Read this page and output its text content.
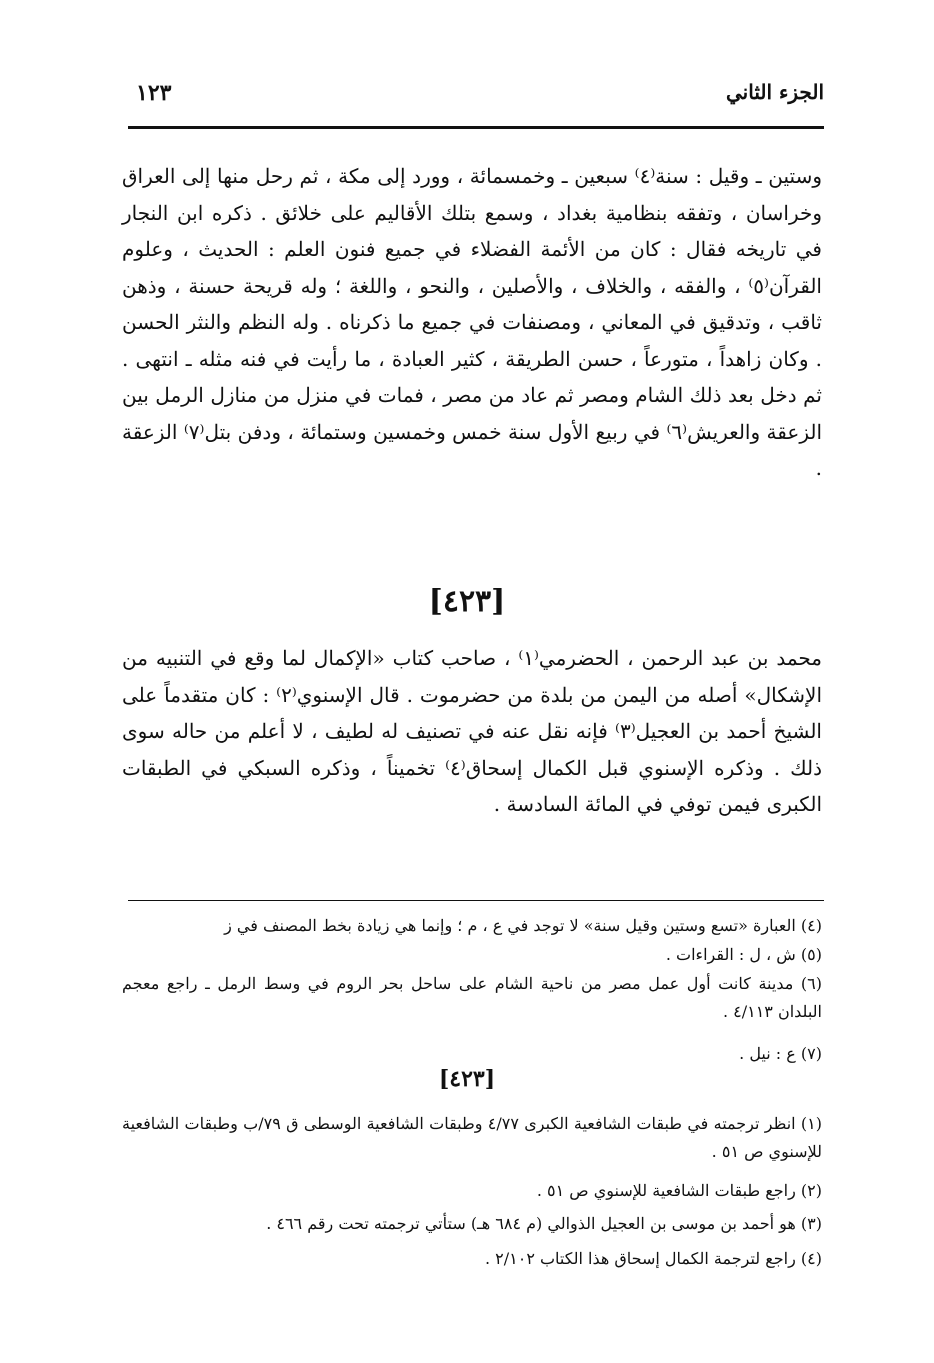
الجزء الثاني
١٢٣
وستين ـ وقيل : سنة⁽٤⁾ سبعين ـ وخمسمائة ، وورد إلى مكة ، ثم رحل منها إلى العراق وخراسان ، وتفقه بنظامية بغداد ، وسمع بتلك الأقاليم على خلائق . ذكره ابن النجار في تاريخه فقال : كان من الأئمة الفضلاء في جميع فنون العلم : الحديث ، وعلوم القرآن⁽٥⁾ ، والفقه ، والخلاف ، والأصلين ، والنحو ، واللغة ؛ وله قريحة حسنة ، وذهن ثاقب ، وتدقيق في المعاني ، ومصنفات في جميع ما ذكرناه . وله النظم والنثر الحسن . وكان زاهداً ، متورعاً ، حسن الطريقة ، كثير العبادة ، ما رأيت في فنه مثله ـ انتهى . ثم دخل بعد ذلك الشام ومصر ثم عاد من مصر ، فمات في منزل من منازل الرمل بين الزعقة والعريش⁽٦⁾ في ربيع الأول سنة خمس وخمسين وستمائة ، ودفن بتل⁽٧⁾ الزعقة .
[٤٢٣]
محمد بن عبد الرحمن ، الحضرمي⁽١⁾ ، صاحب كتاب «الإكمال لما وقع في التنبيه من الإشكال» أصله من اليمن من بلدة من حضرموت . قال الإسنوي⁽٢⁾ : كان متقدماً على الشيخ أحمد بن العجيل⁽٣⁾ فإنه نقل عنه في تصنيف له لطيف ، لا أعلم من حاله سوى ذلك . وذكره الإسنوي قبل الكمال إسحاق⁽٤⁾ تخميناً ، وذكره السبكي في الطبقات الكبرى فيمن توفي في المائة السادسة .
(٤) العبارة «تسع وستين وقيل سنة» لا توجد في ع ، م ؛ وإنما هي زيادة بخط المصنف في ز
(٥) ش ، ل : القراءات .
(٦) مدينة كانت أول عمل مصر من ناحية الشام على ساحل بحر الروم في وسط الرمل ـ راجع معجم البلدان ٤/١١٣ .
(٧) ع : نيل .
[٤٢٣]
(١) انظر ترجمته في طبقات الشافعية الكبرى ٤/٧٧ وطبقات الشافعية الوسطى ق ٧٩/ب وطبقات الشافعية للإسنوي ص ٥١ .
(٢) راجع طبقات الشافعية للإسنوي ص ٥١ .
(٣) هو أحمد بن موسى بن العجيل الذوالي (م ٦٨٤ هـ) ستأتي ترجمته تحت رقم ٤٦٦ .
(٤) راجع لترجمة الكمال إسحاق هذا الكتاب ٢/١٠٢ .
